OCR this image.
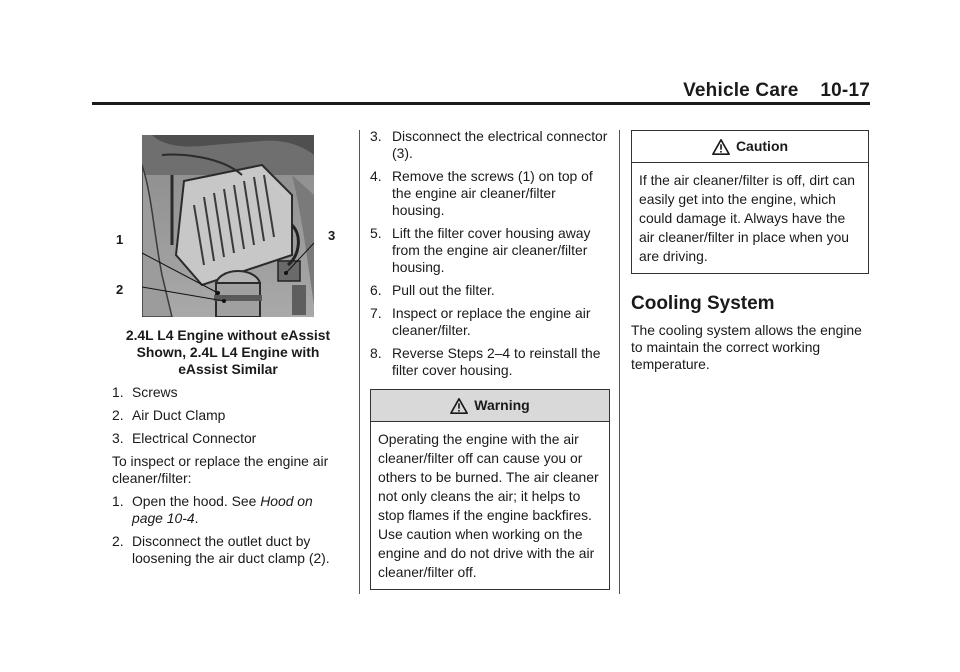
Vehicle Care    10-17
1
2
3
2.4L L4 Engine without eAssist Shown, 2.4L L4 Engine with eAssist Similar
1. Screws
2. Air Duct Clamp
3. Electrical Connector
To inspect or replace the engine air cleaner/filter:
1. Open the hood. See Hood on page 10-4.
2. Disconnect the outlet duct by loosening the air duct clamp (2).
3. Disconnect the electrical connector (3).
4. Remove the screws (1) on top of the engine air cleaner/filter housing.
5. Lift the filter cover housing away from the engine air cleaner/filter housing.
6. Pull out the filter.
7. Inspect or replace the engine air cleaner/filter.
8. Reverse Steps 2–4 to reinstall the filter cover housing.
Warning
Operating the engine with the air cleaner/filter off can cause you or others to be burned. The air cleaner not only cleans the air; it helps to stop flames if the engine backfires. Use caution when working on the engine and do not drive with the air cleaner/filter off.
Caution
If the air cleaner/filter is off, dirt can easily get into the engine, which could damage it. Always have the air cleaner/filter in place when you are driving.
Cooling System
The cooling system allows the engine to maintain the correct working temperature.
